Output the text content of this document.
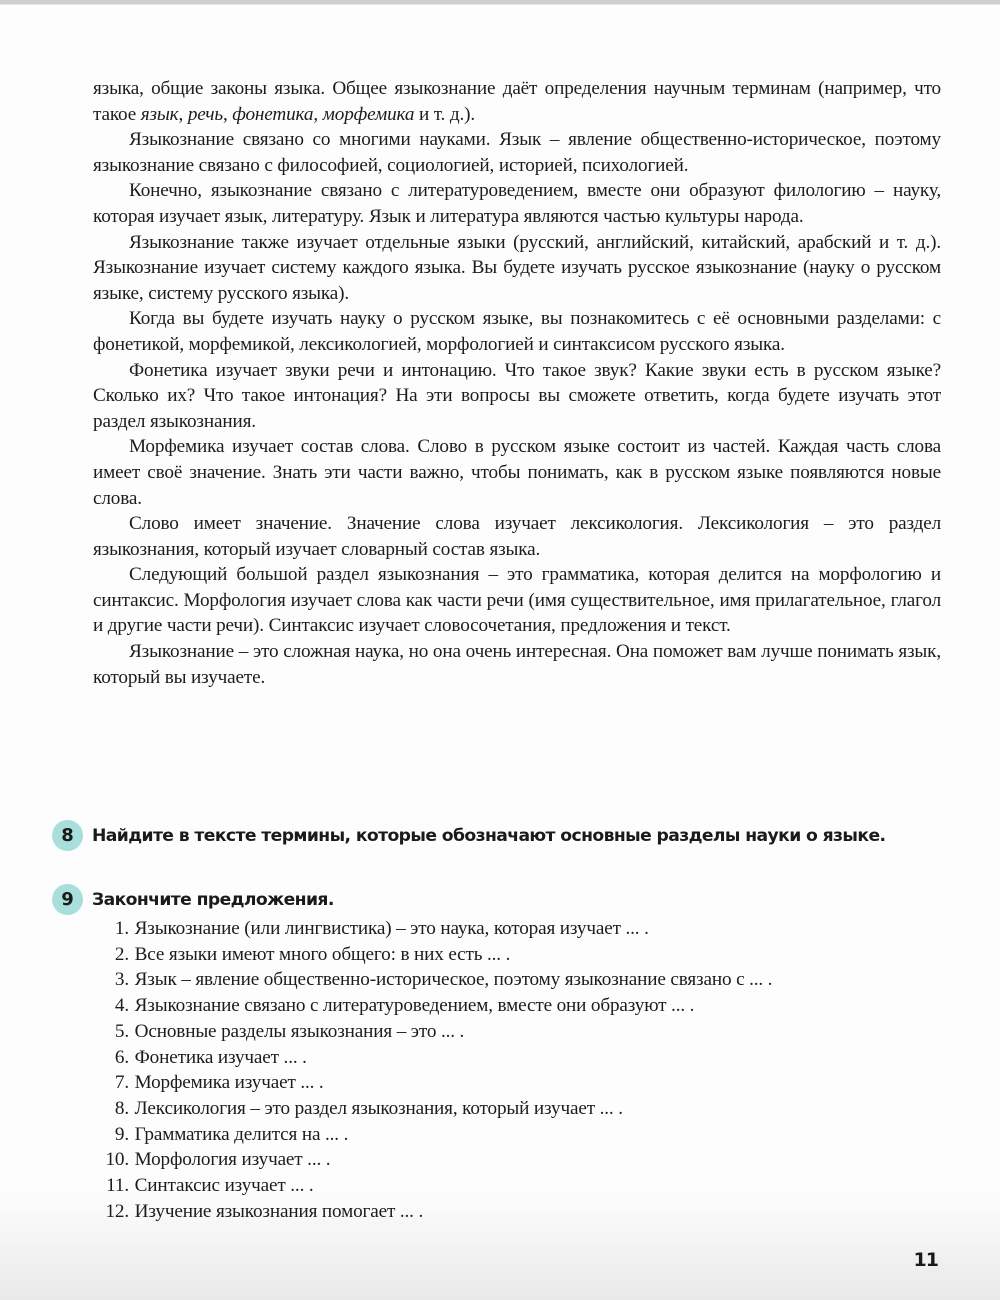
языка, общие законы языка. Общее языкознание даёт определения научным терминам (например, что такое язык, речь, фонетика, морфемика и т. д.).

Языкознание связано со многими науками. Язык – явление общественно-историческое, поэтому языкознание связано с философией, социологией, историей, психологией.

Конечно, языкознание связано с литературоведением, вместе они образуют филологию – науку, которая изучает язык, литературу. Язык и литература являются частью культуры народа.

Языкознание также изучает отдельные языки (русский, английский, китайский, арабский и т. д.). Языкознание изучает систему каждого языка. Вы будете изучать русское языкознание (науку о русском языке, систему русского языка).

Когда вы будете изучать науку о русском языке, вы познакомитесь с её основными разделами: с фонетикой, морфемикой, лексикологией, морфологией и синтаксисом русского языка.

Фонетика изучает звуки речи и интонацию. Что такое звук? Какие звуки есть в русском языке? Сколько их? Что такое интонация? На эти вопросы вы сможете ответить, когда будете изучать этот раздел языкознания.

Морфемика изучает состав слова. Слово в русском языке состоит из частей. Каждая часть слова имеет своё значение. Знать эти части важно, чтобы понимать, как в русском языке появляются новые слова.

Слово имеет значение. Значение слова изучает лексикология. Лексикология – это раздел языкознания, который изучает словарный состав языка.

Следующий большой раздел языкознания – это грамматика, которая делится на морфологию и синтаксис. Морфология изучает слова как части речи (имя существительное, имя прилагательное, глагол и другие части речи). Синтаксис изучает словосочетания, предложения и текст.

Языкознание – это сложная наука, но она очень интересная. Она поможет вам лучше понимать язык, который вы изучаете.

8	Найдите в тексте термины, которые обозначают основные разделы науки о языке.
9	Закончите предложения.
1.
Языкознание (или лингвистика) – это наука, которая изучает ... .
2.
Все языки имеют много общего: в них есть ... .
3.
Язык – явление общественно-историческое, поэтому языкознание связано с ... .
4.
Языкознание связано с литературоведением, вместе они образуют ... .
5.
Основные разделы языкознания – это ... .
6.
Фонетика изучает ... .
7.
Морфемика изучает ... .
8.
Лексикология – это раздел языкознания, который изучает ... .
9.
Грамматика делится на ... .
10.
Морфология изучает ... .
11.
Синтаксис изучает ... .
12.
Изучение языкознания помогает ... .
11
